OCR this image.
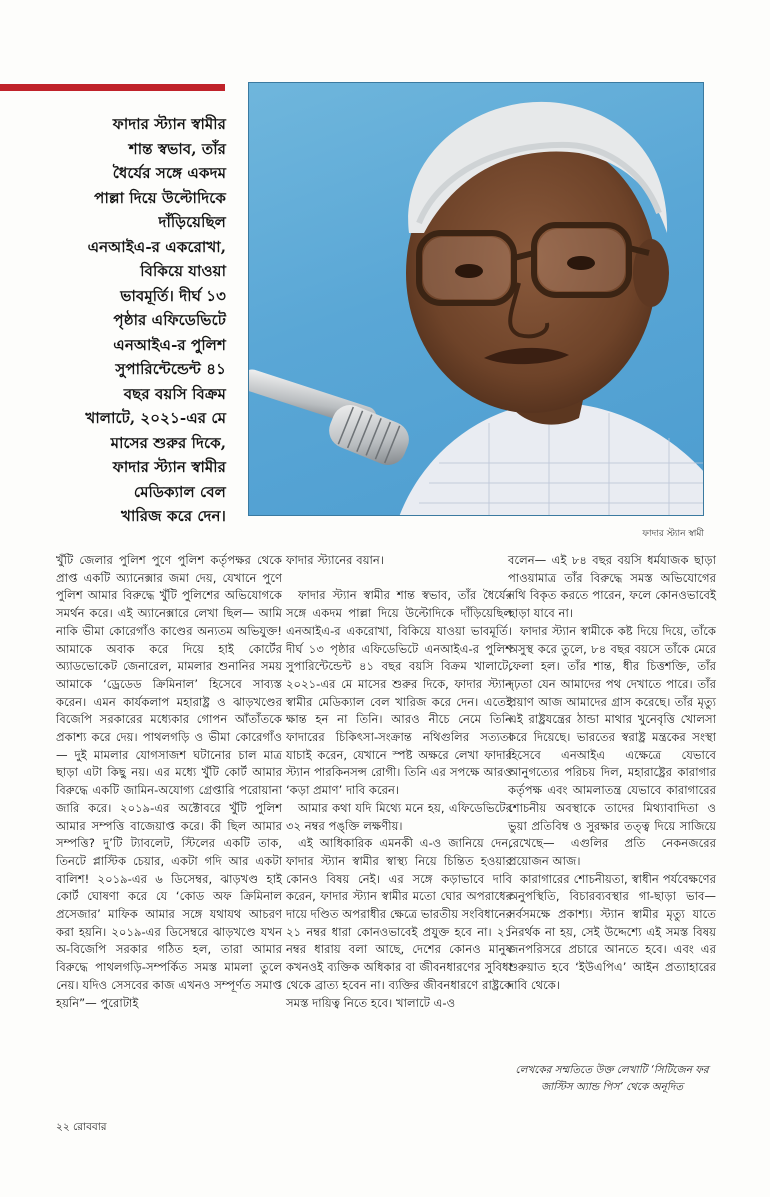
ফাদার স্ট্যান স্বামীর
শান্ত স্বভাব, তাঁর
ধৈর্যের সঙ্গে একদম
পাল্লা দিয়ে উল্টোদিকে
দাঁড়িয়েছিল
এনআইএ-র একরোখা,
বিকিয়ে যাওয়া
ভাবমূর্তি। দীর্ঘ ১৩
পৃষ্ঠার এফিডেভিটে
এনআইএ-র পুলিশ
সুপারিন্টেন্ডেন্ট ৪১
বছর বয়সি বিক্রম
খালাটে, ২০২১-এর মে
মাসের শুরুর দিকে,
ফাদার স্ট্যান স্বামীর
মেডিক্যাল বেল
খারিজ করে দেন।
ফাদার স্ট্যান স্বামী

খুঁটি জেলার পুলিশ পুণে পুলিশ কর্তৃপক্ষর থেকে প্রাপ্ত একটি অ্যানেক্সার জমা দেয়, যেখানে পুণে পুলিশ আমার বিরুদ্ধে খুঁটি পুলিশের অভিযোগকে সমর্থন করে। এই অ্যানেক্সারে লেখা ছিল— আমি নাকি ভীমা কোরেগাঁও কাণ্ডের অন্যতম অভিযুক্ত! আমাকে অবাক করে দিয়ে হাই কোর্টের অ্যাডভোকেট জেনারেল, মামলার শুনানির সময় আমাকে ‘ড্রেডেড ক্রিমিনাল’ হিসেবে সাব্যস্ত করেন। এমন কার্যকলাপ মহারাষ্ট্র ও ঝাড়খণ্ডের বিজেপি সরকারের মধ্যেকার গোপন আঁতাঁতকে প্রকাশ্য করে দেয়। পাথলগড়ি ও ভীমা কোরেগাঁও— দুই মামলার যোগসাজশ ঘটানোর চাল মাত্র ছাড়া এটা কিছু নয়। এর মধ্যে খুঁটি কোর্ট আমার বিরুদ্ধে একটি জামিন-অযোগ্য গ্রেপ্তারি পরোয়ানা জারি করে। ২০১৯-এর অক্টোবরে খুঁটি পুলিশ আমার সম্পত্তি বাজেয়াপ্ত করে। কী ছিল আমার সম্পত্তি? দু’টি ট্যাবলেট, স্টিলের একটি তাক, তিনটে প্লাস্টিক চেয়ার, একটা গদি আর একটা বালিশ! ২০১৯-এর ৬ ডিসেম্বর, ঝাড়খণ্ড হাই কোর্ট ঘোষণা করে যে ‘কোড অফ ক্রিমিনাল প্রসেজার’ মাফিক আমার সঙ্গে যথাযথ আচরণ করা হয়নি। ২০১৯-এর ডিসেম্বরে ঝাড়খণ্ডে যখন অ-বিজেপি সরকার গঠিত হল, তারা আমার বিরুদ্ধে পাথলগড়ি-সম্পর্কিত সমস্ত মামলা তুলে নেয়। যদিও সেসবের কাজ এখনও সম্পূর্ণত সমাপ্ত হয়নি”— পুরোটাই

ফাদার স্ট্যানের বয়ান।

ফাদার স্ট্যান স্বামীর শান্ত স্বভাব, তাঁর ধৈর্যের সঙ্গে একদম পাল্লা দিয়ে উল্টোদিকে দাঁড়িয়েছিল এনআইএ-র একরোখা, বিকিয়ে যাওয়া ভাবমূর্তি। দীর্ঘ ১৩ পৃষ্ঠার এফিডেভিটে এনআইএ-র পুলিশ সুপারিন্টেন্ডেন্ট ৪১ বছর বয়সি বিক্রম খালাটে, ২০২১-এর মে মাসের শুরুর দিকে, ফাদার স্ট্যান স্বামীর মেডিক্যাল বেল খারিজ করে দেন। এতেই ক্ষান্ত হন না তিনি। আরও নীচে নেমে তিনি ফাদারের চিকিৎসা-সংক্রান্ত নথিগুলির সত্যতা যাচাই করেন, যেখানে স্পষ্ট অক্ষরে লেখা ফাদার স্ট্যান পারকিনসন্স রোগী। তিনি এর সপক্ষে আরও ‘কড়া প্রমাণ’ দাবি করেন।

আমার কথা যদি মিথ্যে মনে হয়, এফিডেভিটের ৩২ নম্বর পঙ্‌ক্তি লক্ষণীয়।

এই আধিকারিক এমনকী এ-ও জানিয়ে দেন, ফাদার স্ট্যান স্বামীর স্বাস্থ্য নিয়ে চিন্তিত হওয়ার কোনও বিষয় নেই। এর সঙ্গে কড়াভাবে দাবি করেন, ফাদার স্ট্যান স্বামীর মতো ঘোর অপরাধের দায়ে দণ্ডিত অপরাধীর ক্ষেত্রে ভারতীয় সংবিধানের ২১ নম্বর ধারা কোনওভাবেই প্রযুক্ত হবে না। ২১ নম্বর ধারায় বলা আছে, দেশের কোনও মানুষ কখনওই ব্যক্তিক অধিকার বা জীবনধারণের সুবিধা থেকে ব্রাত্য হবেন না। ব্যক্তির জীবনধারণে রাষ্ট্রকে সমস্ত দায়িত্ব নিতে হবে। খালাটে এ-ও

বলেন— এই ৮৪ বছর বয়সি ধর্মযাজক ছাড়া পাওয়ামাত্র তাঁর বিরুদ্ধে সমস্ত অভিযোগের নথি বিকৃত করতে পারেন, ফলে কোনওভাবেই ছাড়া যাবে না।

ফাদার স্ট্যান স্বামীকে কষ্ট দিয়ে দিয়ে, তাঁকে অসুস্থ করে তুলে, ৮৪ বছর বয়সে তাঁকে মেরে ফেলা হল। তাঁর শান্ত, ধীর চিত্তশক্তি, তাঁর দৃঢ়তা যেন আমাদের পথ দেখাতে পারে। তাঁর প্রয়াণ আজ আমাদের গ্রাস করেছে। তাঁর মৃত্যু এই রাষ্ট্রযন্ত্রের ঠান্ডা মাথার খুনেবৃত্তি খোলসা করে দিয়েছে। ভারতের স্বরাষ্ট্র মন্ত্রকের সংস্থা হিসেবে এনআইএ এক্ষেত্রে যেভাবে আনুগত্যের পরিচয় দিল, মহারাষ্ট্রের কারাগার কর্তৃপক্ষ এবং আমলাতন্ত্র যেভাবে কারাগারের শোচনীয় অবস্থাকে তাদের মিথ্যাবাদিতা ও ভুয়া প্রতিবিম্ব ও সুরক্ষার তত্ত্ব দিয়ে সাজিয়ে রেখেছে— এগুলির প্রতি নেকনজরের প্রয়োজন আজ।

কারাগারের শোচনীয়তা, স্বাধীন পর্যবেক্ষণের অনুপস্থিতি, বিচারব্যবস্থার গা-ছাড়া ভাব— সর্বসমক্ষে প্রকাশ্য। স্ট্যান স্বামীর মৃত্যু যাতে নিরর্থক না হয়, সেই উদ্দেশ্যে এই সমস্ত বিষয় জনপরিসরে প্রচারে আনতে হবে। এবং এর শুরুয়াত হবে ‘ইউএপিএ’ আইন প্রত্যাহারের দাবি থেকে।

লেখকের সম্মতিতে উক্ত লেখাটি ‘সিটিজেন ফর জাস্টিস অ্যান্ড পিস’ থেকে অনূদিত
২২ রোববার
